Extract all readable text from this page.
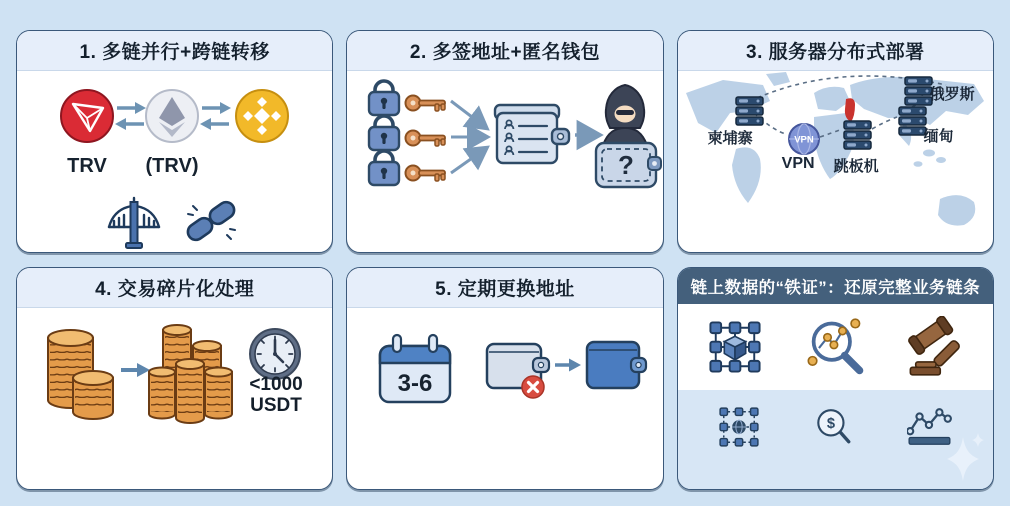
1. 多链并行+跨链转移
TRV	(TRV)
2. 多签地址+匿名钱包
?
3. 服务器分布式部署
VPN
柬埔寨
俄罗斯
缅甸
VPN 跳板机
4. 交易碎片化处理
<1000
USDT
5. 定期更换地址
3-6
链上数据的“铁证”：还原完整业务链条
$
